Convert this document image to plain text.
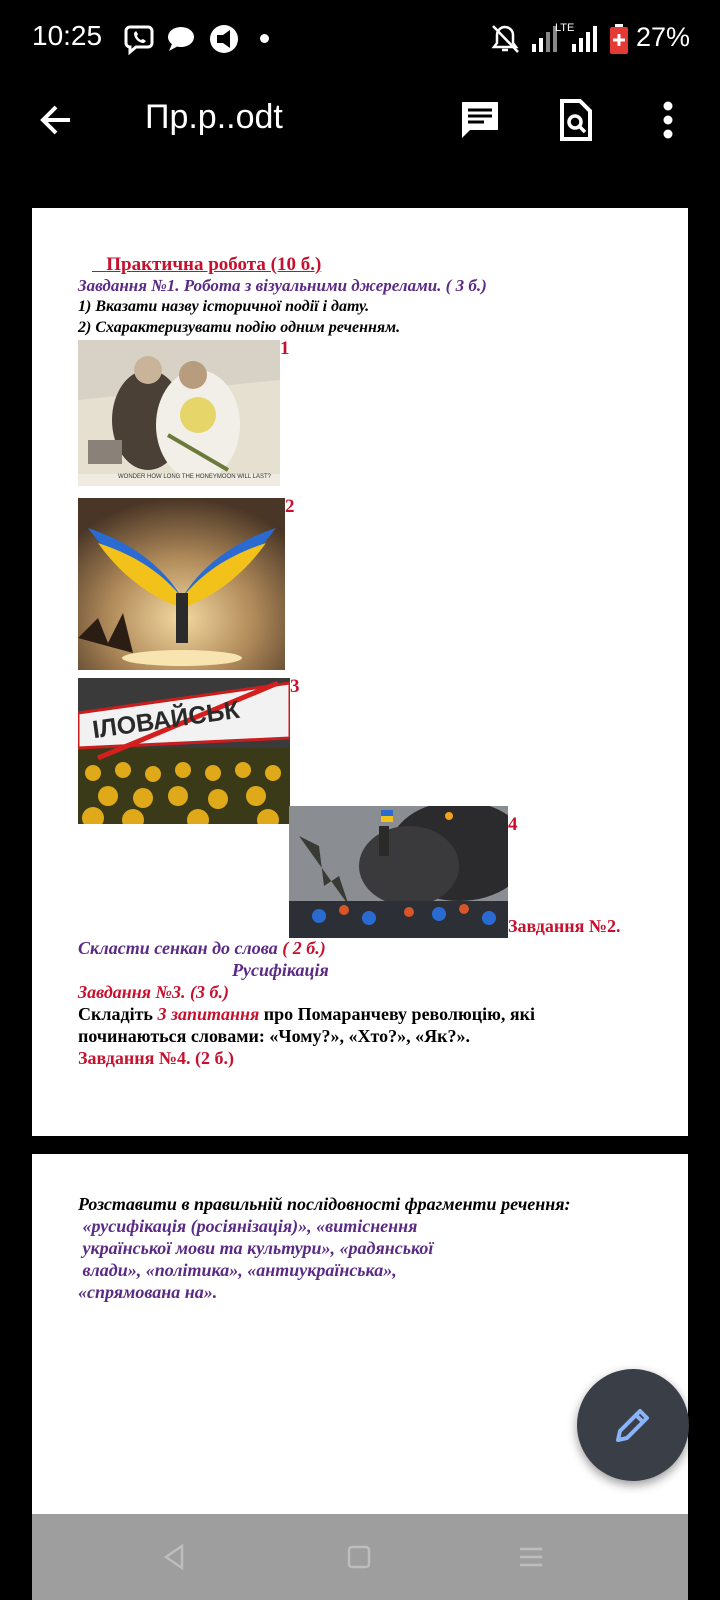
10:25	LTE 27%
Пр.р..odt
Практична робота (10 б.)
Завдання №1. Робота з візуальними джерелами. ( 3 б.)
1) Вказати назву історичної події і дату.
2) Схарактеризувати подію одним реченням.
WONDER HOW LONG THE HONEYMOON WILL LAST?
1
2
ІЛОВАЙСЬК
3
4
Завдання №2.
Скласти сенкан до слова ( 2 б.)
Русифікація
Завдання №3. (3 б.)
Складіть 3 запитання про Помаранчеву революцію, які
починаються словами: «Чому?», «Хто?», «Як?».
Завдання №4. (2 б.)
Розставити в правильній послідовності фрагменти речення:
«русифікація (росіянізація)», «витіснення
української мови та культури», «радянської
влади», «політика», «антиукраїнська»,
«спрямована на».
